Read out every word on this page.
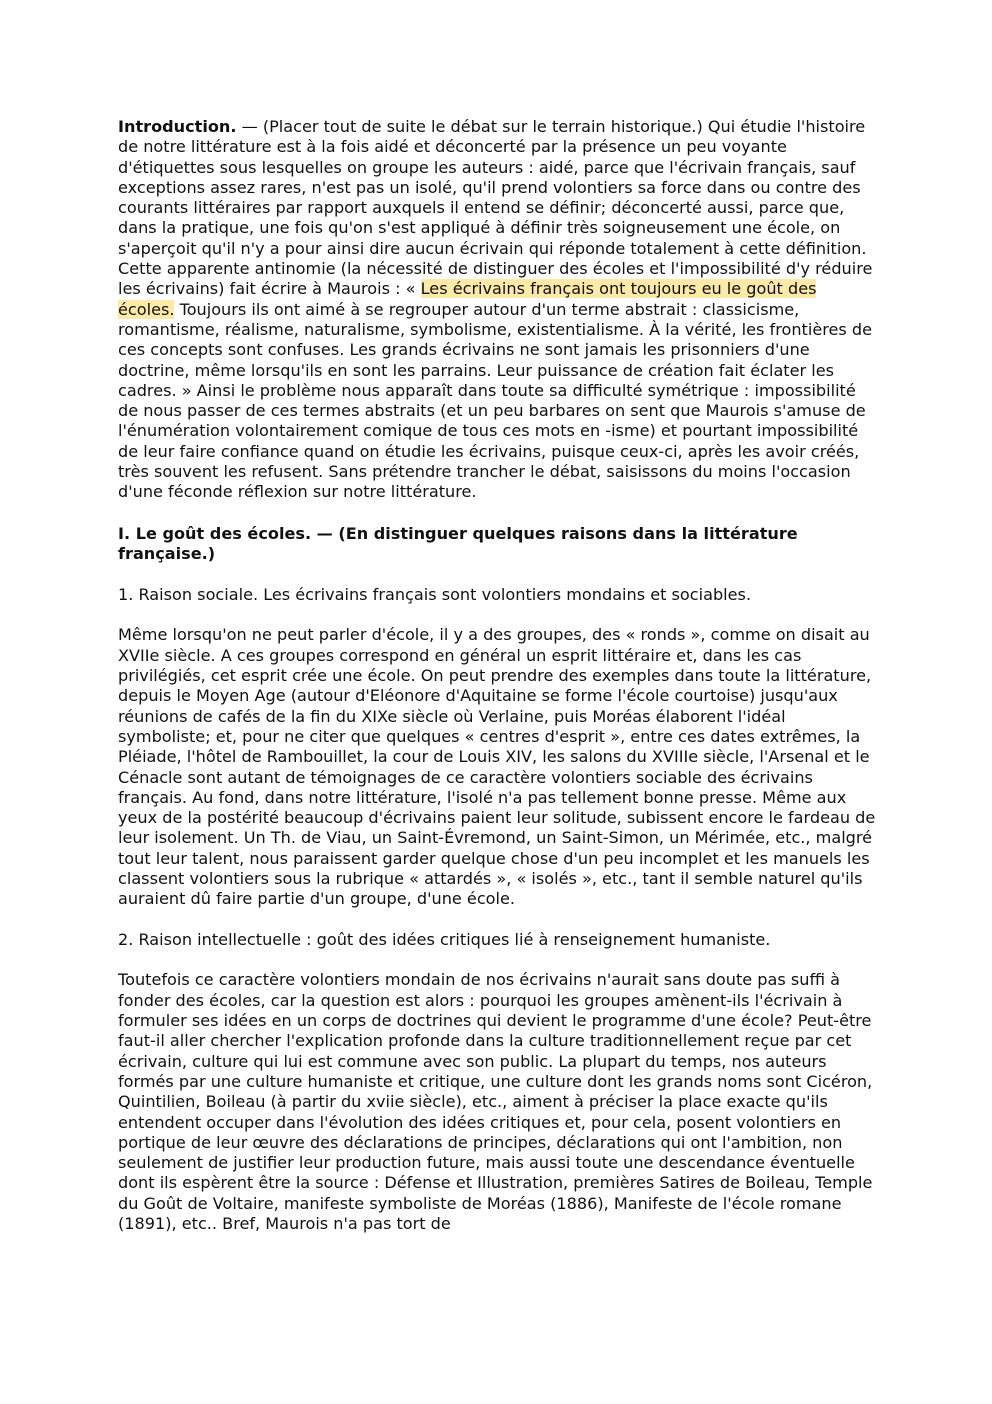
Introduction. — (Placer tout de suite le débat sur le terrain historique.) Qui étudie l'histoire de notre littérature est à la fois aidé et déconcerté par la présence un peu voyante d'étiquettes sous lesquelles on groupe les auteurs : aidé, parce que l'écrivain français, sauf exceptions assez rares, n'est pas un isolé, qu'il prend volontiers sa force dans ou contre des courants littéraires par rapport auxquels il entend se définir; déconcerté aussi, parce que, dans la pratique, une fois qu'on s'est appliqué à définir très soigneusement une école, on s'aperçoit qu'il n'y a pour ainsi dire aucun écrivain qui réponde totalement à cette définition. Cette apparente antinomie (la nécessité de distinguer des écoles et l'impossibilité d'y réduire les écrivains) fait écrire à Maurois : « Les écrivains français ont toujours eu le goût des écoles. Toujours ils ont aimé à se regrouper autour d'un terme abstrait : classicisme, romantisme, réalisme, naturalisme, symbolisme, existentialisme. À la vérité, les frontières de ces concepts sont confuses. Les grands écrivains ne sont jamais les prisonniers d'une doctrine, même lorsqu'ils en sont les parrains. Leur puissance de création fait éclater les cadres. » Ainsi le problème nous apparaît dans toute sa difficulté symétrique : impossibilité de nous passer de ces termes abstraits (et un peu barbares on sent que Maurois s'amuse de l'énumération volontairement comique de tous ces mots en -isme) et pourtant impossibilité de leur faire confiance quand on étudie les écrivains, puisque ceux-ci, après les avoir créés, très souvent les refusent. Sans prétendre trancher le débat, saisissons du moins l'occasion d'une féconde réflexion sur notre littérature.

I. Le goût des écoles. — (En distinguer quelques raisons dans la littérature française.)

1. Raison sociale. Les écrivains français sont volontiers mondains et sociables.

Même lorsqu'on ne peut parler d'école, il y a des groupes, des « ronds », comme on disait au XVIIe siècle. A ces groupes correspond en général un esprit littéraire et, dans les cas privilégiés, cet esprit crée une école. On peut prendre des exemples dans toute la littérature, depuis le Moyen Age (autour d'Eléonore d'Aquitaine se forme l'école courtoise) jusqu'aux réunions de cafés de la fin du XIXe siècle où Verlaine, puis Moréas élaborent l'idéal symboliste; et, pour ne citer que quelques « centres d'esprit », entre ces dates extrêmes, la Pléiade, l'hôtel de Rambouillet, la cour de Louis XIV, les salons du XVIIIe siècle, l'Arsenal et le Cénacle sont autant de témoignages de ce caractère volontiers sociable des écrivains français. Au fond, dans notre littérature, l'isolé n'a pas tellement bonne presse. Même aux yeux de la postérité beaucoup d'écrivains paient leur solitude, subissent encore le fardeau de leur isolement. Un Th. de Viau, un Saint-Évremond, un Saint-Simon, un Mérimée, etc., malgré tout leur talent, nous paraissent garder quelque chose d'un peu incomplet et les manuels les classent volontiers sous la rubrique « attardés », « isolés », etc., tant il semble naturel qu'ils auraient dû faire partie d'un groupe, d'une école.

2. Raison intellectuelle : goût des idées critiques lié à renseignement humaniste.

Toutefois ce caractère volontiers mondain de nos écrivains n'aurait sans doute pas suffi à fonder des écoles, car la question est alors : pourquoi les groupes amènent-ils l'écrivain à formuler ses idées en un corps de doctrines qui devient le programme d'une école? Peut-être faut-il aller chercher l'explication profonde dans la culture traditionnellement reçue par cet écrivain, culture qui lui est commune avec son public. La plupart du temps, nos auteurs formés par une culture humaniste et critique, une culture dont les grands noms sont Cicéron, Quintilien, Boileau (à partir du xviie siècle), etc., aiment à préciser la place exacte qu'ils entendent occuper dans l'évolution des idées critiques et, pour cela, posent volontiers en portique de leur œuvre des déclarations de principes, déclarations qui ont l'ambition, non seulement de justifier leur production future, mais aussi toute une descendance éventuelle dont ils espèrent être la source : Défense et Illustration, premières Satires de Boileau, Temple du Goût de Voltaire, manifeste symboliste de Moréas (1886), Manifeste de l'école romane (1891), etc.. Bref, Maurois n'a pas tort de
